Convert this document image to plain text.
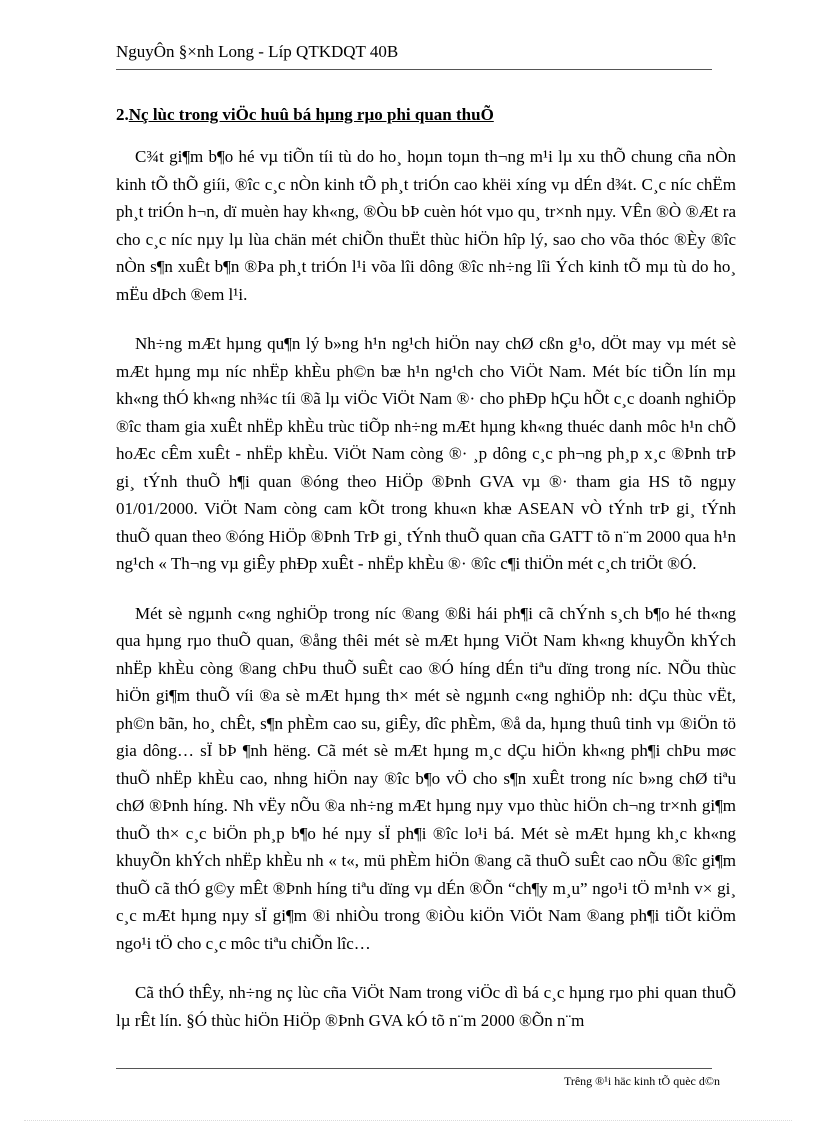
NguyÔn §×nh Long - Líp QTKDQT 40B
2.Nç lùc trong viÖc huû bá hµng rµo phi quan thuÕ

C¾t gi¶m b¶o hé vµ tiÕn tíi tù do ho¸ hoµn toµn th¬ng m¹i lµ xu thÕ chung cña nÒn kinh tÕ thÕ giíi, ®îc c¸c nÒn kinh tÕ ph¸t triÓn cao khëi xíng vµ dÉn d¾t. C¸c níc chËm ph¸t triÓn h¬n, dï muèn hay kh«ng, ®Òu bÞ cuèn hót vµo qu¸ tr×nh nµy. VÊn ®Ò ®Æt ra cho c¸c níc nµy lµ lùa chän mét chiÕn thuËt thùc hiÖn hîp lý, sao cho võa thóc ®Èy ®îc nÒn s¶n xuÊt b¶n ®Þa ph¸t triÓn l¹i võa lîi dông ®îc nh÷ng lîi Ých kinh tÕ mµ tù do ho¸ mËu dÞch ®em l¹i.

Nh÷ng mÆt hµng qu¶n lý b»ng h¹n ng¹ch hiÖn nay chØ cßn g¹o, dÖt may vµ mét sè mÆt hµng mµ níc nhËp khÈu ph©n bæ h¹n ng¹ch cho ViÖt Nam. Mét bíc tiÕn lín mµ kh«ng thÓ kh«ng nh¾c tíi ®ã lµ viÖc ViÖt Nam ®· cho phÐp hÇu hÕt c¸c doanh nghiÖp ®îc tham gia xuÊt nhËp khÈu trùc tiÕp nh÷ng mÆt hµng kh«ng thuéc danh môc h¹n chÕ hoÆc cÊm xuÊt - nhËp khÈu. ViÖt Nam còng ®· ¸p dông c¸c ph¬ng ph¸p x¸c ®Þnh trÞ gi¸ tÝnh thuÕ h¶i quan ®óng theo HiÖp ®Þnh GVA vµ ®· tham gia HS tõ ngµy 01/01/2000. ViÖt Nam còng cam kÕt trong khu«n khæ ASEAN vÒ tÝnh trÞ gi¸ tÝnh thuÕ quan theo ®óng HiÖp ®Þnh TrÞ gi¸ tÝnh thuÕ quan cña GATT tõ n¨m 2000 qua h¹n ng¹ch « Th¬ng vµ giÊy phÐp xuÊt - nhËp khÈu ®· ®îc c¶i thiÖn mét c¸ch triÖt ®Ó.

Mét sè ngµnh c«ng nghiÖp trong níc ®ang ®ßi hái ph¶i cã chÝnh s¸ch b¶o hé th«ng qua hµng rµo thuÕ quan, ®ång thêi mét sè mÆt hµng ViÖt Nam kh«ng khuyÕn khÝch nhËp khÈu còng ®ang chÞu thuÕ suÊt cao ®Ó híng dÉn tiªu dïng trong níc. NÕu thùc hiÖn gi¶m thuÕ víi ®a sè mÆt hµng th× mét sè ngµnh c«ng nghiÖp nh: dÇu thùc vËt, ph©n bãn, ho¸ chÊt, s¶n phÈm cao su, giÊy, dîc phÈm, ®å da, hµng thuû tinh vµ ®iÖn tö gia dông… sÏ bÞ ¶nh hëng. Cã mét sè mÆt hµng m¸c dÇu hiÖn kh«ng ph¶i chÞu møc thuÕ nhËp khÈu cao, nhng hiÖn nay ®îc b¶o vÖ cho s¶n xuÊt trong níc b»ng chØ tiªu chØ ®Þnh híng. Nh vËy nÕu ®a nh÷ng mÆt hµng nµy vµo thùc hiÖn ch¬ng tr×nh gi¶m thuÕ th× c¸c biÖn ph¸p b¶o hé nµy sÏ ph¶i ®îc lo¹i bá. Mét sè mÆt hµng kh¸c kh«ng khuyÕn khÝch nhËp khÈu nh « t«, mü phÈm hiÖn ®ang cã thuÕ suÊt cao nÕu ®îc gi¶m thuÕ cã thÓ g©y mÊt ®Þnh híng tiªu dïng vµ dÉn ®Õn “ch¶y m¸u” ngo¹i tÖ m¹nh v× gi¸ c¸c mÆt hµng nµy sÏ gi¶m ®i nhiÒu trong ®iÒu kiÖn ViÖt Nam ®ang ph¶i tiÕt kiÖm ngo¹i tÖ cho c¸c môc tiªu chiÕn lîc…

Cã thÓ thÊy, nh÷ng nç lùc cña ViÖt Nam trong viÖc dì bá c¸c hµng rµo phi quan thuÕ lµ rÊt lín. §Ó thùc hiÖn HiÖp ®Þnh GVA kÓ tõ n¨m 2000 ®Õn n¨m

Trêng ®¹i häc kinh tÕ quèc d©n
